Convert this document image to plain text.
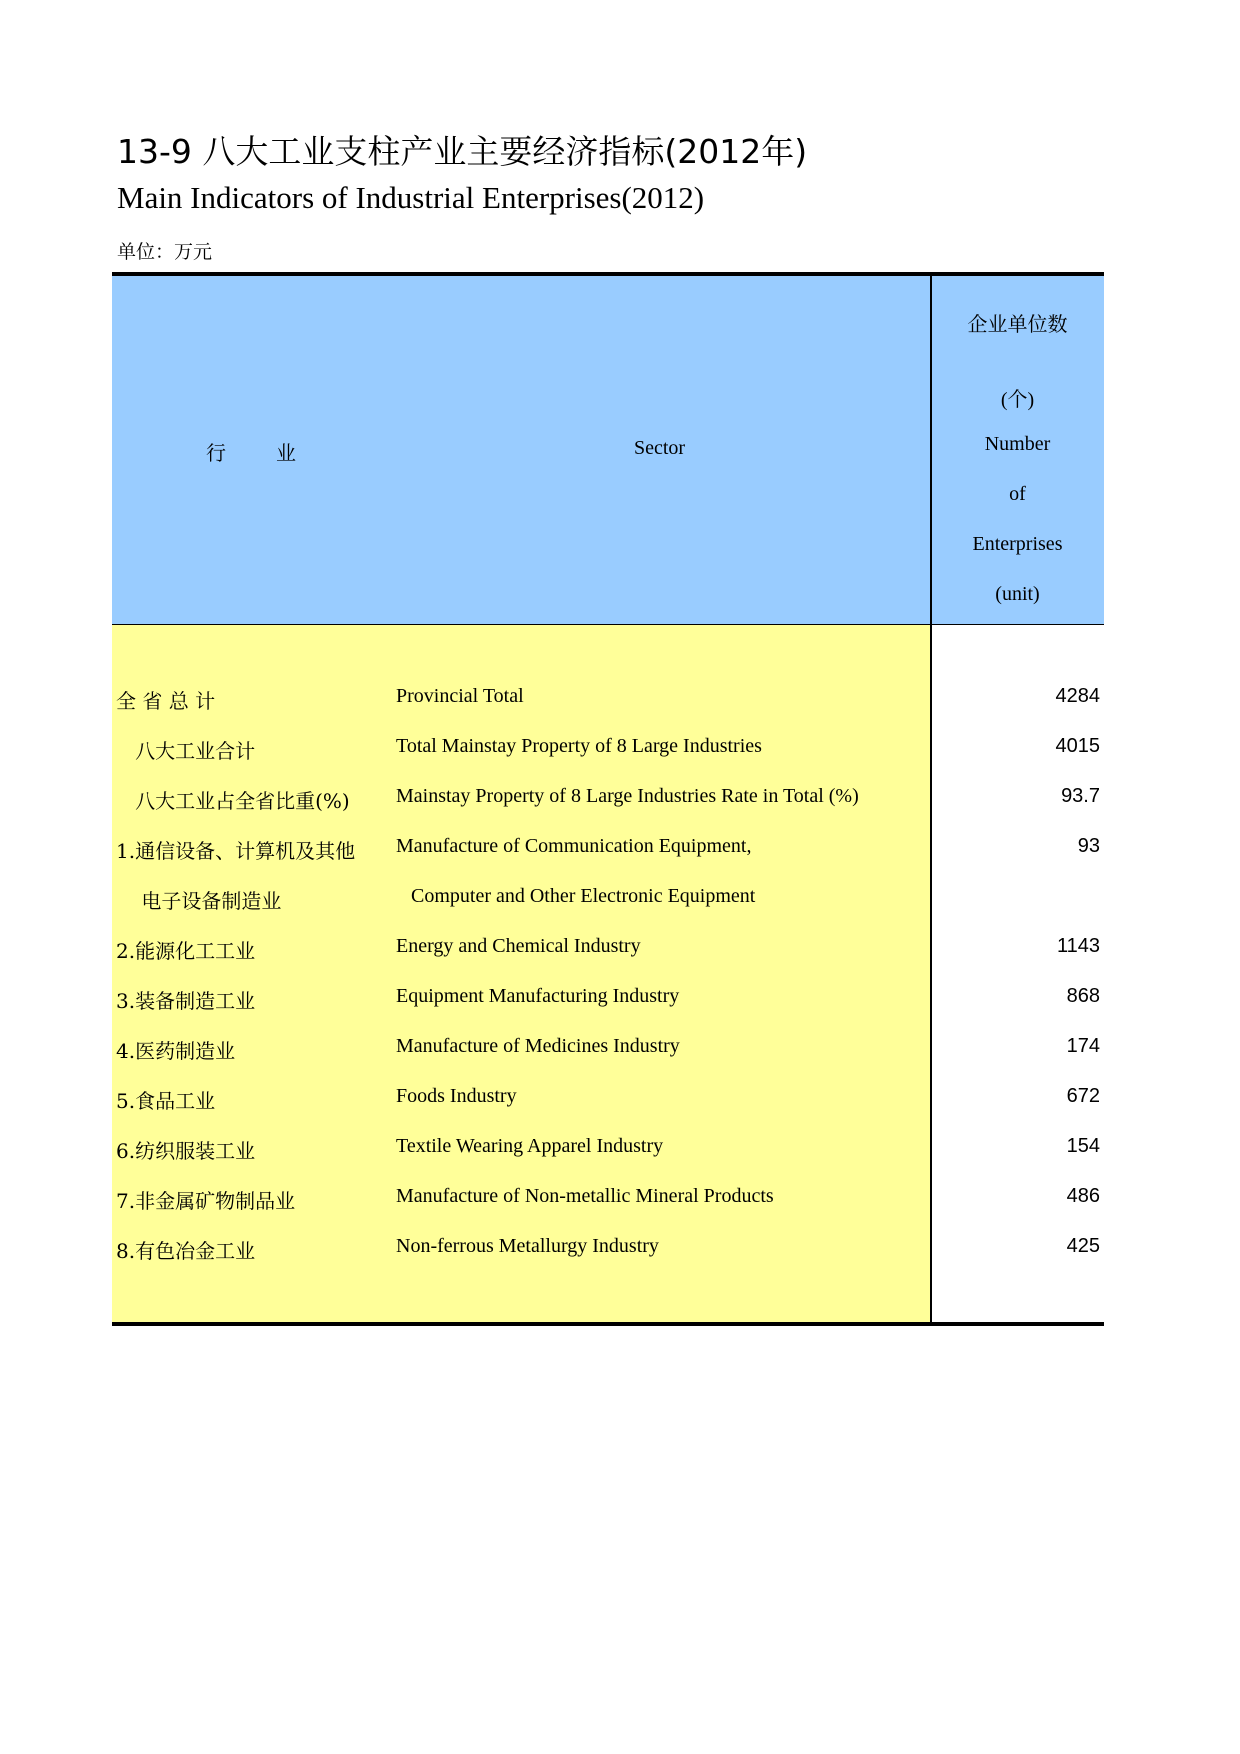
13-9 八大工业支柱产业主要经济指标(2012年)
Main Indicators of Industrial Enterprises(2012)
单位：万元
行业	Sector
企业单位数
(个)
Number
of
Enterprises
(unit)
全 省 总 计	Provincial Total	4284
八大工业合计	Total Mainstay Property of 8 Large Industries	4015
八大工业占全省比重(%) Mainstay Property of 8 Large Industries Rate in Total (%)	93.7
1.通信设备、计算机及其他 Manufacture of Communication Equipment,	93
电子设备制造业	Computer and Other Electronic Equipment
2.能源化工工业	Energy and Chemical Industry	1143
3.装备制造工业	Equipment Manufacturing Industry	868
4.医药制造业	Manufacture of Medicines Industry	174
5.食品工业	Foods Industry	672
6.纺织服装工业	Textile Wearing Apparel Industry	154
7.非金属矿物制品业	Manufacture of Non-metallic Mineral Products	486
8.有色冶金工业	Non-ferrous Metallurgy Industry	425
